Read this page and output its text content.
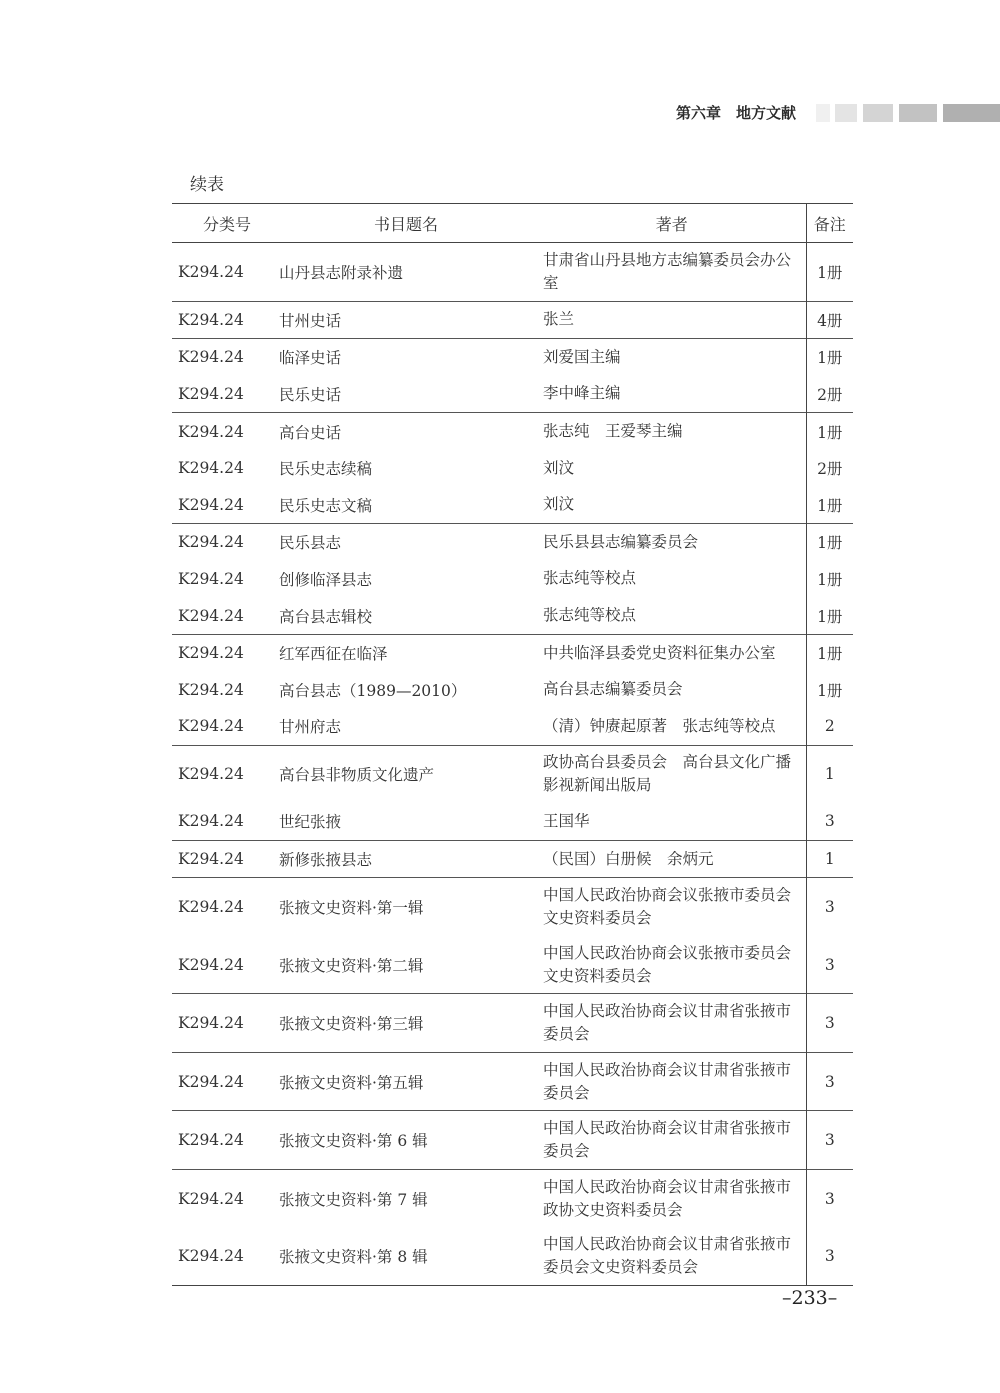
第六章　地方文献
续表
分类号	书目题名	著者	备注
K294.24	山丹县志附录补遗	甘肃省山丹县地方志编纂委员会办公室	1册
K294.24	甘州史话	张兰	4册
K294.24	临泽史话	刘爱国主编	1册
K294.24	民乐史话	李中峰主编	2册
K294.24	高台史话	张志纯　王爱琴主编	1册
K294.24	民乐史志续稿	刘汶	2册
K294.24	民乐史志文稿	刘汶	1册
K294.24	民乐县志	民乐县县志编纂委员会	1册
K294.24	创修临泽县志	张志纯等校点	1册
K294.24	高台县志辑校	张志纯等校点	1册
K294.24	红军西征在临泽	中共临泽县委党史资料征集办公室	1册
K294.24	高台县志（1989—2010）	高台县志编纂委员会	1册
K294.24	甘州府志	（清）钟赓起原著　张志纯等校点	2
K294.24	高台县非物质文化遗产	政协高台县委员会　高台县文化广播影视新闻出版局	1
K294.24	世纪张掖	王国华	3
K294.24	新修张掖县志	（民国）白册候　余炳元	1
K294.24	张掖文史资料·第一辑	中国人民政治协商会议张掖市委员会文史资料委员会	3
K294.24	张掖文史资料·第二辑	中国人民政治协商会议张掖市委员会文史资料委员会	3
K294.24	张掖文史资料·第三辑	中国人民政治协商会议甘肃省张掖市委员会	3
K294.24	张掖文史资料·第五辑	中国人民政治协商会议甘肃省张掖市委员会	3
K294.24	张掖文史资料·第 6 辑	中国人民政治协商会议甘肃省张掖市委员会	3
K294.24	张掖文史资料·第 7 辑	中国人民政治协商会议甘肃省张掖市政协文史资料委员会	3
K294.24	张掖文史资料·第 8 辑	中国人民政治协商会议甘肃省张掖市委员会文史资料委员会	3
–233–
